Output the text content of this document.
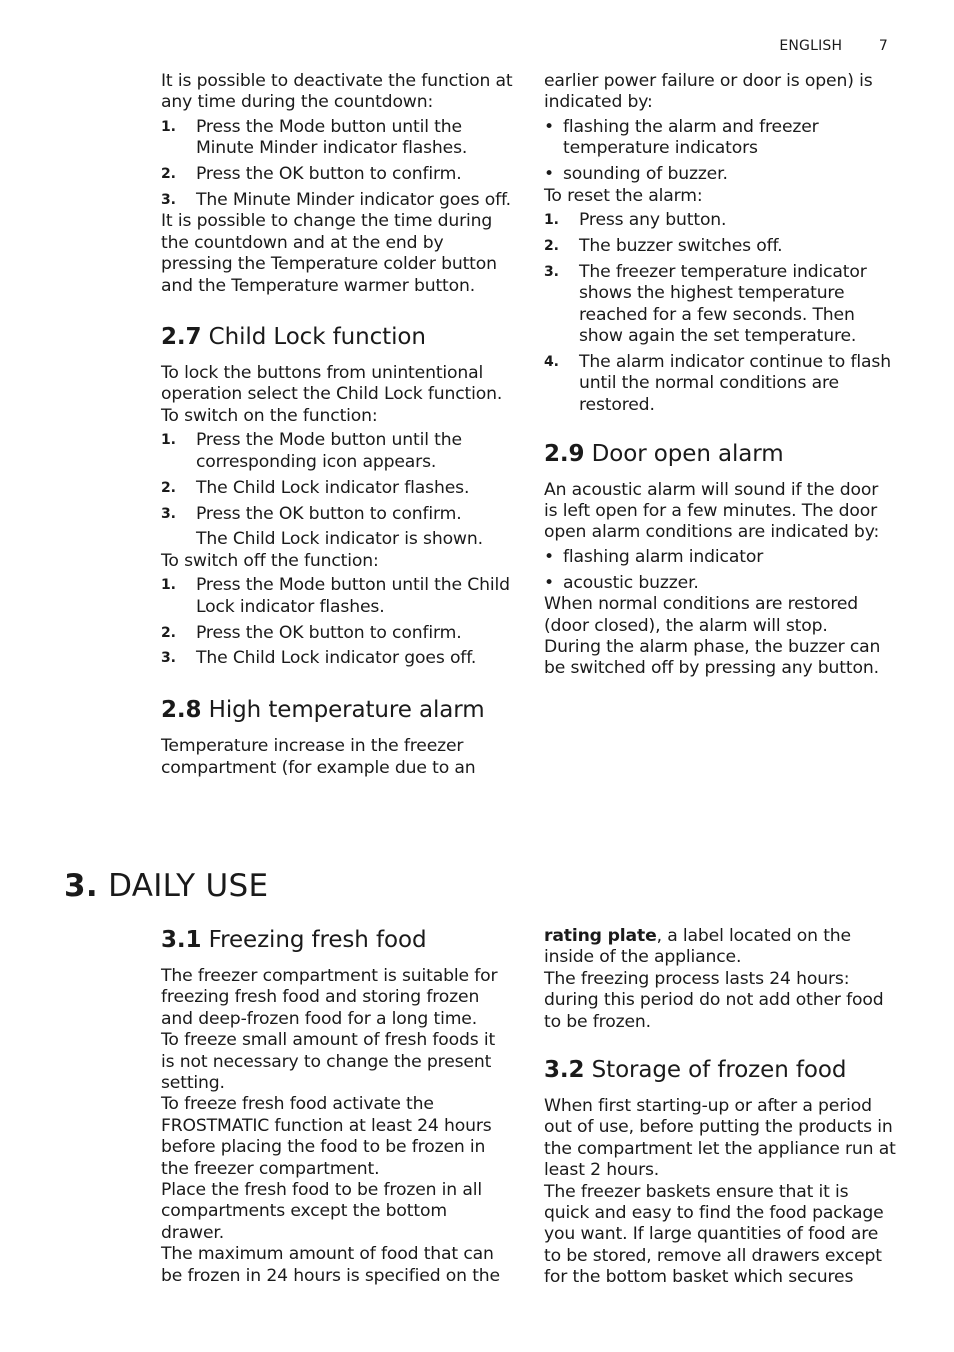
ENGLISH	7

It is possible to deactivate the function at any time during the countdown:

1. Press the Mode button until the Minute Minder indicator flashes.
2. Press the OK button to confirm.
3. The Minute Minder indicator goes off.

It is possible to change the time during the countdown and at the end by pressing the Temperature colder button and the Temperature warmer button.

2.7 Child Lock function

To lock the buttons from unintentional operation select the Child Lock function.

To switch on the function:

1. Press the Mode button until the corresponding icon appears.
2. The Child Lock indicator flashes.
3. Press the OK button to confirm.

The Child Lock indicator is shown.

To switch off the function:

1. Press the Mode button until the Child Lock indicator flashes.
2. Press the OK button to confirm.
3. The Child Lock indicator goes off.
2.8 High temperature alarm

Temperature increase in the freezer compartment (for example due to an

earlier power failure or door is open) is indicated by:

• flashing the alarm and freezer temperature indicators
• sounding of buzzer.

To reset the alarm:

1. Press any button.
2. The buzzer switches off.
3. The freezer temperature indicator shows the highest temperature reached for a few seconds. Then show again the set temperature.
4. The alarm indicator continue to flash until the normal conditions are restored.
2.9 Door open alarm

An acoustic alarm will sound if the door is left open for a few minutes. The door open alarm conditions are indicated by:

• flashing alarm indicator
• acoustic buzzer.

When normal conditions are restored (door closed), the alarm will stop.

During the alarm phase, the buzzer can be switched off by pressing any button.

3. DAILY USE
3.1 Freezing fresh food

The freezer compartment is suitable for freezing fresh food and storing frozen and deep-frozen food for a long time.

To freeze small amount of fresh foods it is not necessary to change the present setting.

To freeze fresh food activate the FROSTMATIC function at least 24 hours before placing the food to be frozen in the freezer compartment.

Place the fresh food to be frozen in all compartments except the bottom drawer.

The maximum amount of food that can be frozen in 24 hours is specified on the

rating plate, a label located on the inside of the appliance.

The freezing process lasts 24 hours: during this period do not add other food to be frozen.

3.2 Storage of frozen food

When first starting-up or after a period out of use, before putting the products in the compartment let the appliance run at least 2 hours.

The freezer baskets ensure that it is quick and easy to find the food package you want. If large quantities of food are to be stored, remove all drawers except for the bottom basket which secures
